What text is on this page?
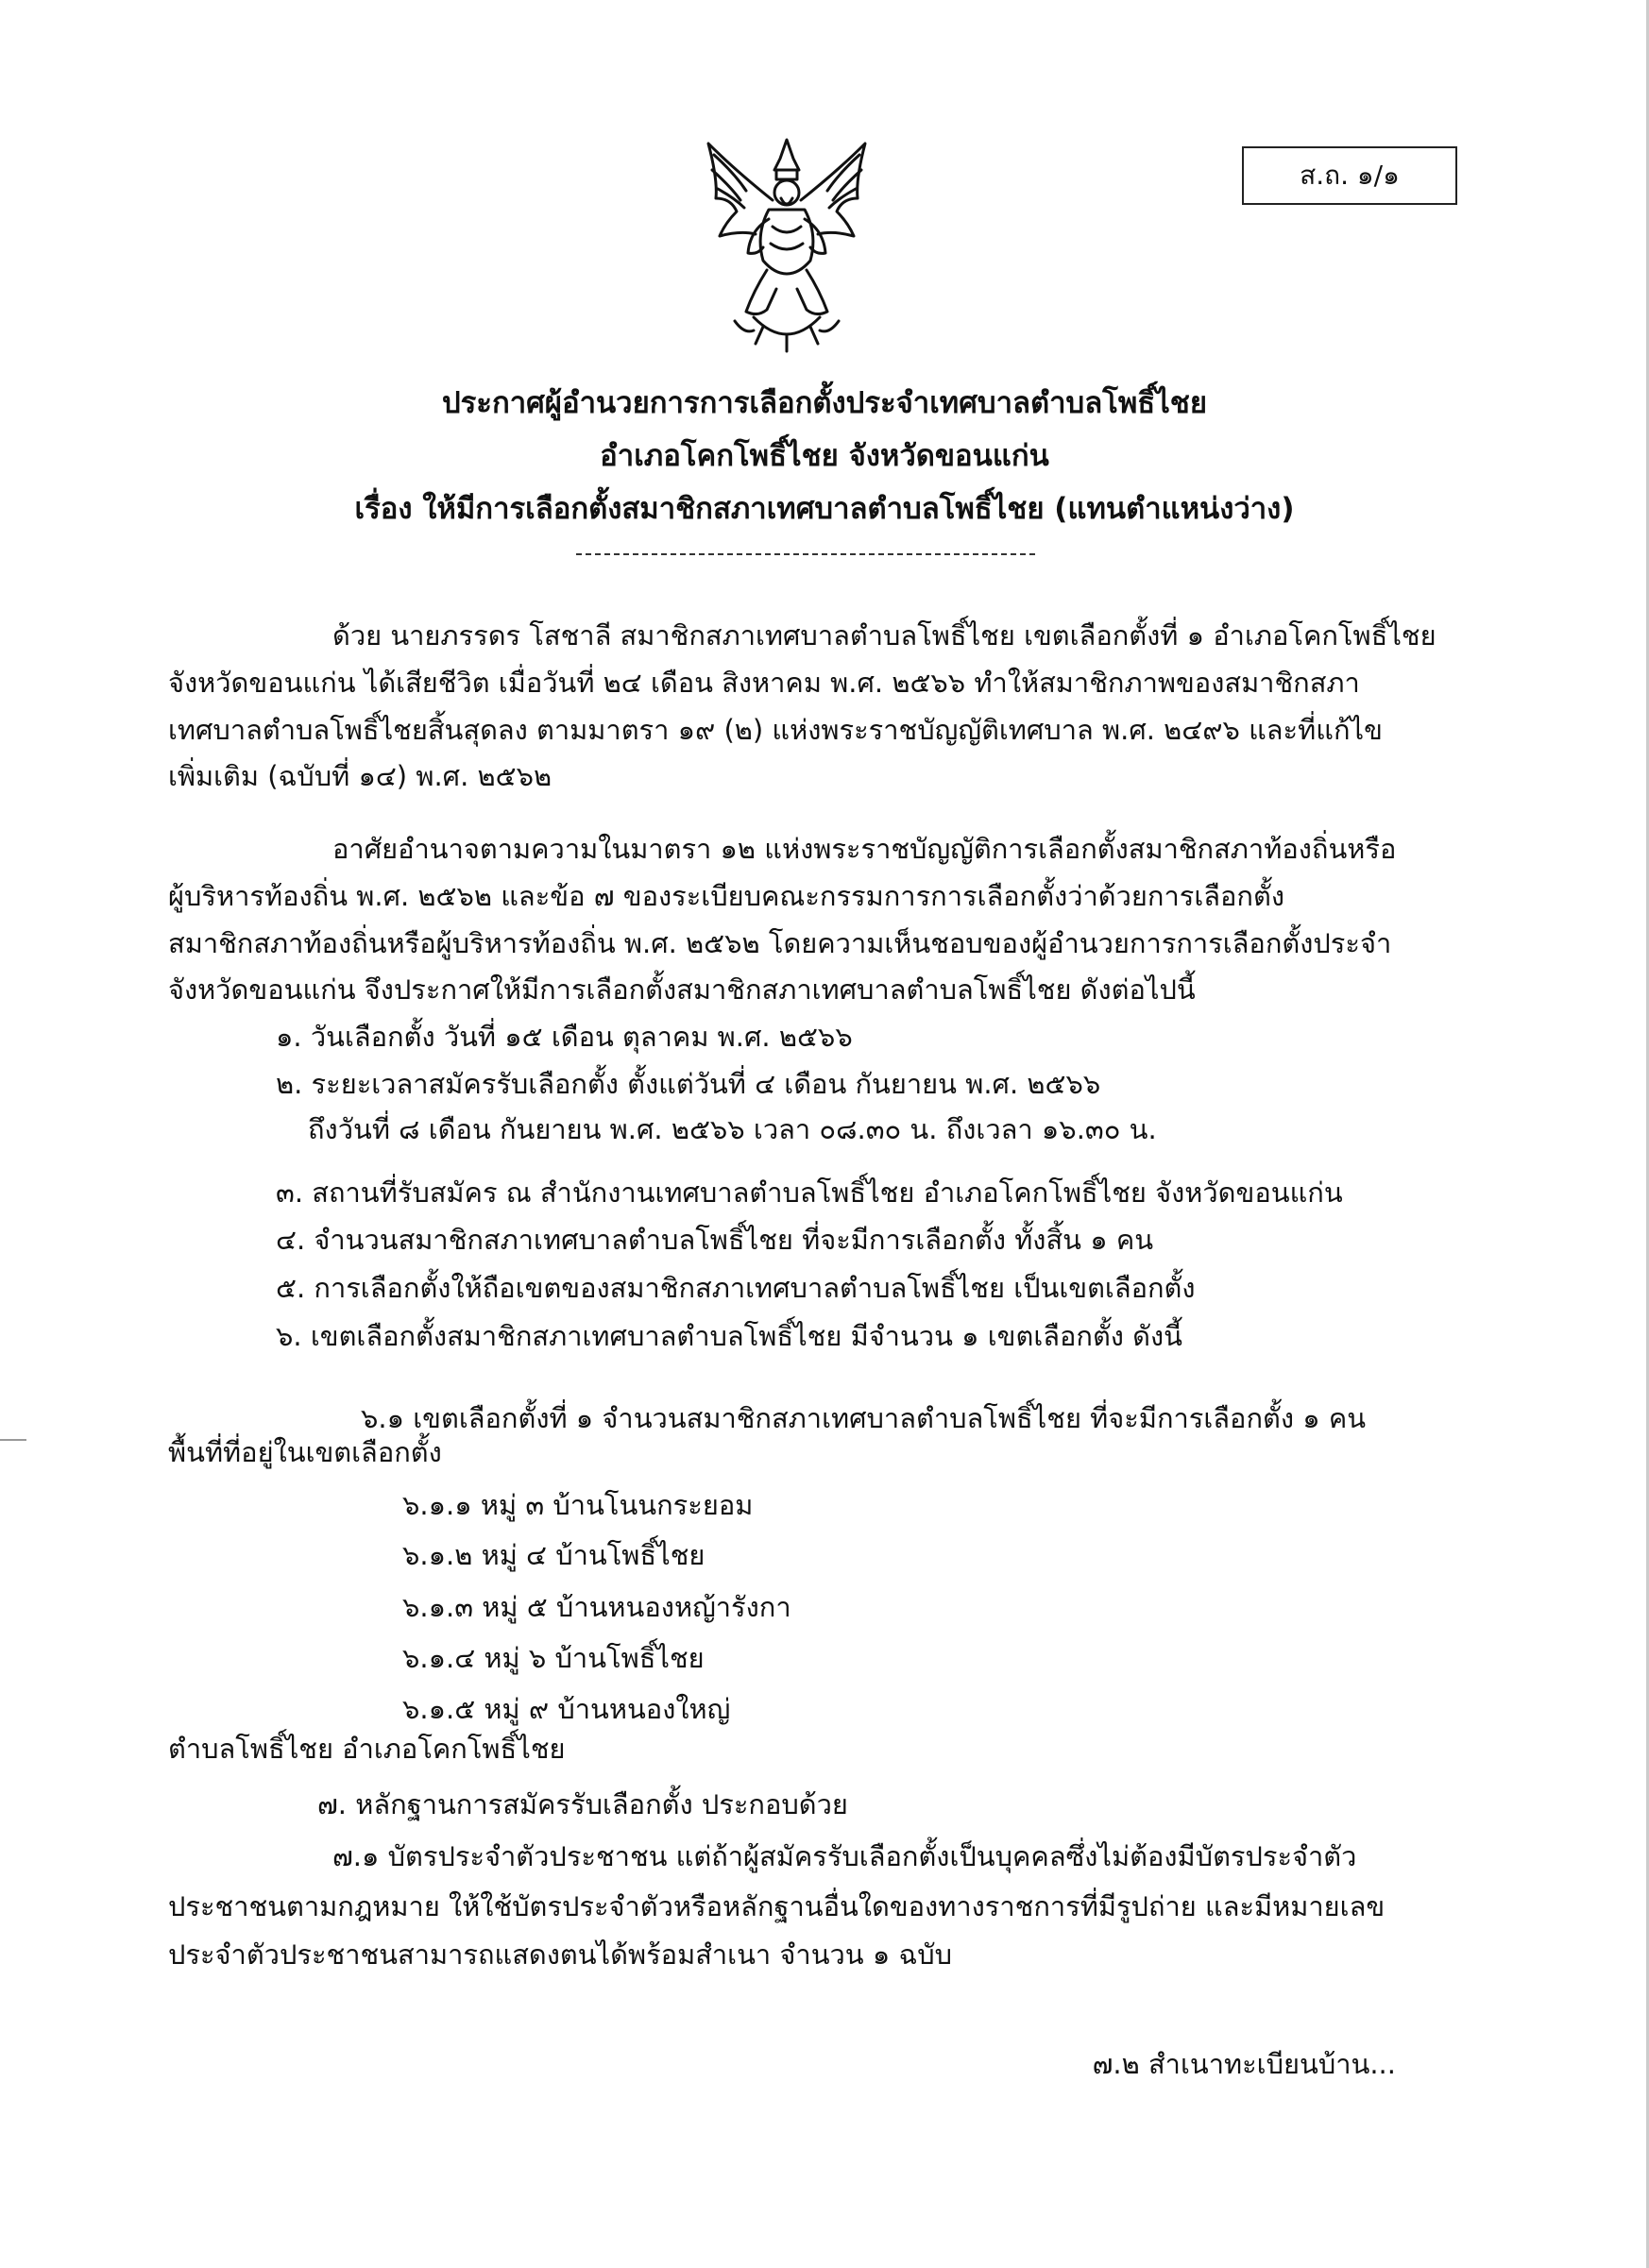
ส.ถ. ๑/๑
ประกาศผู้อำนวยการการเลือกตั้งประจำเทศบาลตำบลโพธิ์ไชย
อำเภอโคกโพธิ์ไชย จังหวัดขอนแก่น
เรื่อง ให้มีการเลือกตั้งสมาชิกสภาเทศบาลตำบลโพธิ์ไชย (แทนตำแหน่งว่าง)
ด้วย นายภรรดร โสชาลี สมาชิกสภาเทศบาลตำบลโพธิ์ไชย เขตเลือกตั้งที่ ๑ อำเภอโคกโพธิ์ไชย
จังหวัดขอนแก่น ได้เสียชีวิต เมื่อวันที่ ๒๔ เดือน สิงหาคม พ.ศ. ๒๕๖๖ ทำให้สมาชิกภาพของสมาชิกสภา
เทศบาลตำบลโพธิ์ไชยสิ้นสุดลง ตามมาตรา ๑๙ (๒) แห่งพระราชบัญญัติเทศบาล พ.ศ. ๒๔๙๖ และที่แก้ไข
เพิ่มเติม (ฉบับที่ ๑๔) พ.ศ. ๒๕๖๒
อาศัยอำนาจตามความในมาตรา ๑๒ แห่งพระราชบัญญัติการเลือกตั้งสมาชิกสภาท้องถิ่นหรือ
ผู้บริหารท้องถิ่น พ.ศ. ๒๕๖๒ และข้อ ๗ ของระเบียบคณะกรรมการการเลือกตั้งว่าด้วยการเลือกตั้ง
สมาชิกสภาท้องถิ่นหรือผู้บริหารท้องถิ่น พ.ศ. ๒๕๖๒ โดยความเห็นชอบของผู้อำนวยการการเลือกตั้งประจำ
จังหวัดขอนแก่น จึงประกาศให้มีการเลือกตั้งสมาชิกสภาเทศบาลตำบลโพธิ์ไชย ดังต่อไปนี้
๑. วันเลือกตั้ง วันที่ ๑๕ เดือน ตุลาคม พ.ศ. ๒๕๖๖
๒. ระยะเวลาสมัครรับเลือกตั้ง ตั้งแต่วันที่ ๔ เดือน กันยายน พ.ศ. ๒๕๖๖
ถึงวันที่ ๘ เดือน กันยายน พ.ศ. ๒๕๖๖ เวลา ๐๘.๓๐ น. ถึงเวลา ๑๖.๓๐ น.
๓. สถานที่รับสมัคร ณ สำนักงานเทศบาลตำบลโพธิ์ไชย อำเภอโคกโพธิ์ไชย จังหวัดขอนแก่น
๔. จำนวนสมาชิกสภาเทศบาลตำบลโพธิ์ไชย ที่จะมีการเลือกตั้ง ทั้งสิ้น ๑ คน
๕. การเลือกตั้งให้ถือเขตของสมาชิกสภาเทศบาลตำบลโพธิ์ไชย เป็นเขตเลือกตั้ง
๖. เขตเลือกตั้งสมาชิกสภาเทศบาลตำบลโพธิ์ไชย มีจำนวน ๑ เขตเลือกตั้ง ดังนี้
๖.๑ เขตเลือกตั้งที่ ๑ จำนวนสมาชิกสภาเทศบาลตำบลโพธิ์ไชย ที่จะมีการเลือกตั้ง ๑ คน
พื้นที่ที่อยู่ในเขตเลือกตั้ง
๖.๑.๑ หมู่ ๓ บ้านโนนกระยอม
๖.๑.๒ หมู่ ๔ บ้านโพธิ์ไชย
๖.๑.๓ หมู่ ๕ บ้านหนองหญ้ารังกา
๖.๑.๔ หมู่ ๖ บ้านโพธิ์ไชย
๖.๑.๕ หมู่ ๙ บ้านหนองใหญ่
ตำบลโพธิ์ไชย อำเภอโคกโพธิ์ไชย
๗. หลักฐานการสมัครรับเลือกตั้ง ประกอบด้วย
๗.๑ บัตรประจำตัวประชาชน แต่ถ้าผู้สมัครรับเลือกตั้งเป็นบุคคลซึ่งไม่ต้องมีบัตรประจำตัว
ประชาชนตามกฎหมาย ให้ใช้บัตรประจำตัวหรือหลักฐานอื่นใดของทางราชการที่มีรูปถ่าย และมีหมายเลข
ประจำตัวประชาชนสามารถแสดงตนได้พร้อมสำเนา จำนวน ๑ ฉบับ
๗.๒ สำเนาทะเบียนบ้าน...
